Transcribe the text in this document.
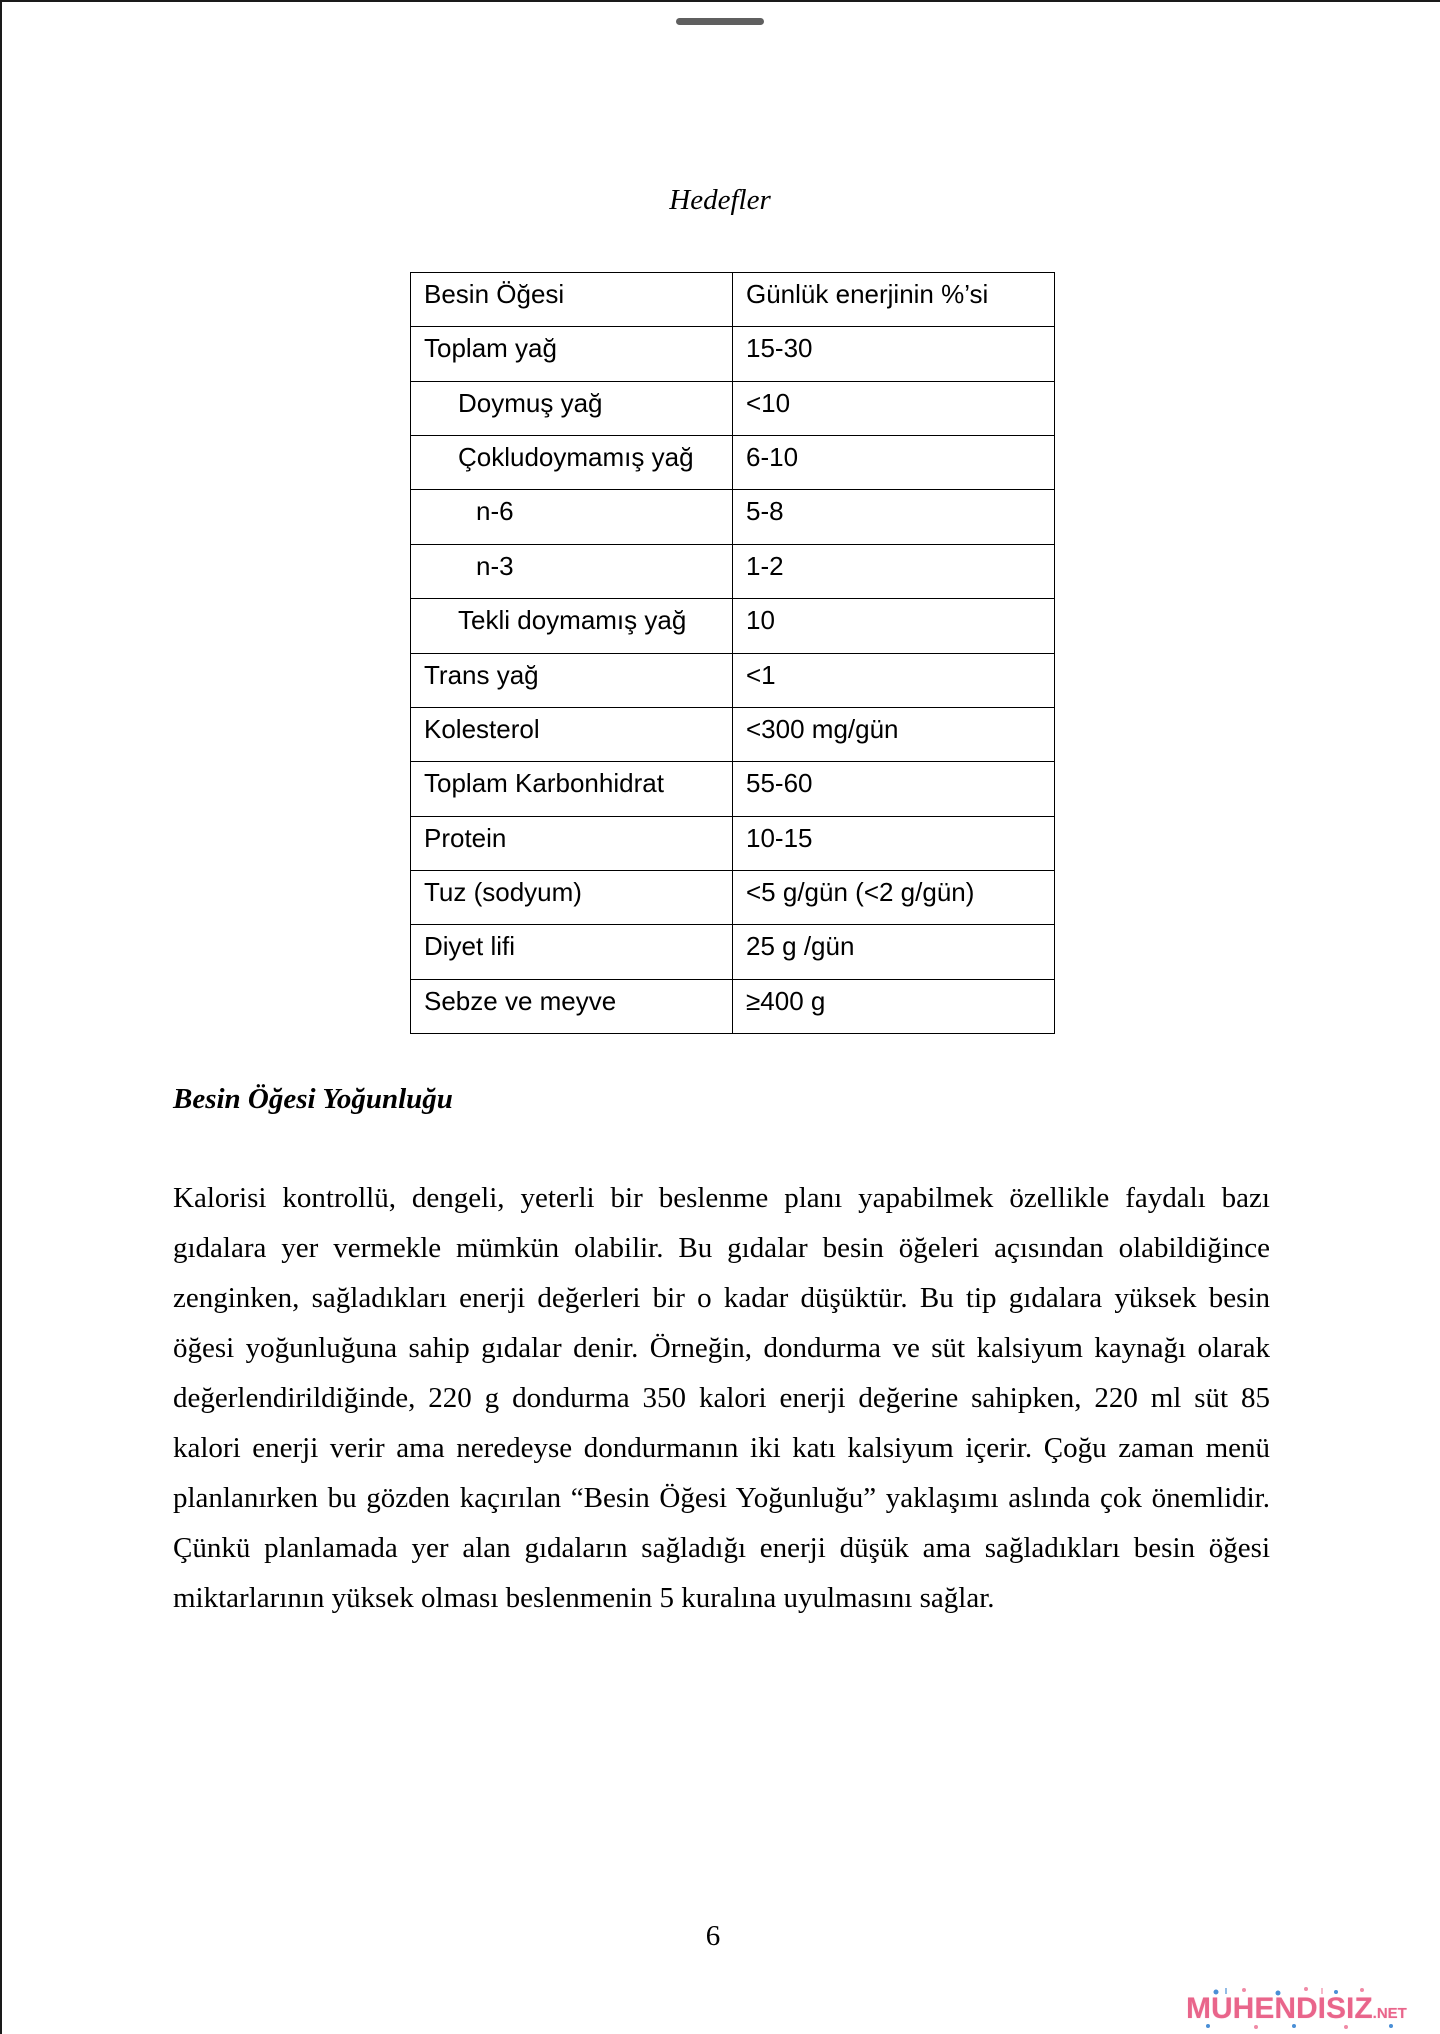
Hedefler
Besin Öğesi	Günlük enerjinin %’si
Toplam yağ	15-30
Doymuş yağ	<10
Çokludoymamış yağ	6-10
n-6	5-8
n-3	1-2
Tekli doymamış yağ	10
Trans yağ	<1
Kolesterol	<300 mg/gün
Toplam Karbonhidrat	55-60
Protein	10-15
Tuz (sodyum)	<5 g/gün (<2 g/gün)
Diyet lifi	25 g /gün
Sebze ve meyve	≥400 g
Besin Öğesi Yoğunluğu
Kalorisi kontrollü, dengeli, yeterli bir beslenme planı yapabilmek özellikle faydalı bazı
gıdalara yer vermekle mümkün olabilir. Bu gıdalar besin öğeleri açısından olabildiğince
zenginken, sağladıkları enerji değerleri bir o kadar düşüktür. Bu tip gıdalara yüksek besin
öğesi yoğunluğuna sahip gıdalar denir. Örneğin, dondurma ve süt kalsiyum kaynağı olarak
değerlendirildiğinde, 220 g dondurma 350 kalori enerji değerine sahipken, 220 ml süt 85
kalori enerji verir ama neredeyse dondurmanın iki katı kalsiyum içerir. Çoğu zaman menü
planlanırken bu gözden kaçırılan “Besin Öğesi Yoğunluğu” yaklaşımı aslında çok önemlidir.
Çünkü planlamada yer alan gıdaların sağladığı enerji düşük ama sağladıkları besin öğesi
miktarlarının yüksek olması beslenmenin 5 kuralına uyulmasını sağlar.
6
MUHENDISIZ.NET
